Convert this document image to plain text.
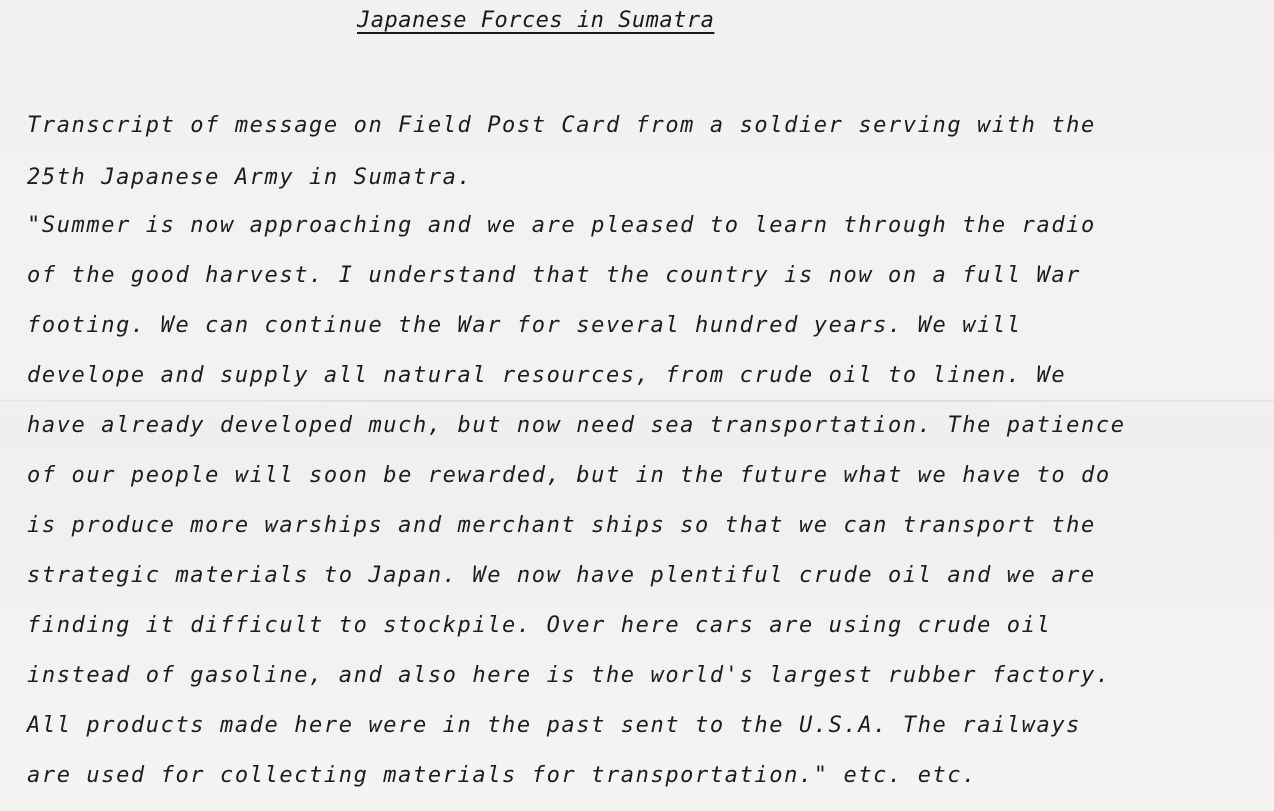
Japanese Forces in Sumatra
Transcript of message on Field Post Card from a soldier serving with the
25th Japanese Army in Sumatra.
"Summer is now approaching and we are pleased to learn through the radio
of the good harvest. I understand that the country is now on a full War
footing. We can continue the War for several hundred years. We will
develope and supply all natural resources, from crude oil to linen. We
have already developed much, but now need sea transportation. The patience
of our people will soon be rewarded, but in the future what we have to do
is produce more warships and merchant ships so that we can transport the
strategic materials to Japan. We now have plentiful crude oil and we are
finding it difficult to stockpile. Over here cars are using crude oil
instead of gasoline, and also here is the world's largest rubber factory.
All products made here were in the past sent to the U.S.A. The railways
are used for collecting materials for transportation." etc. etc.
